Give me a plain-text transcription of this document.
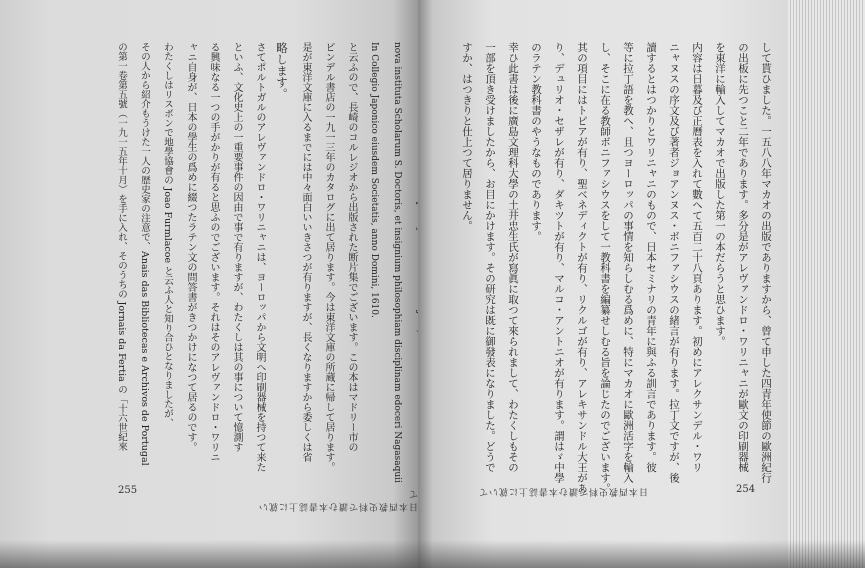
nova instituta Scholarum S. Doctoris, et insignium philosophiam disciplinam edoceri Nagasaquii
In Collegio Japonico eiusdem Societatis, anno Domini, 1610.
と云ふので、長崎のコルレジオから出版された断片集でございます。この本はマドリー市の
ピンデル書店の一九一三年のカタログに出て居ります。今は東洋文庫の所蔵に帰して居ります。
是が東洋文庫に入るまでには中々面白いいきさつが有りますが、長くなりますから委しくは省
略します。
さてポルトガルのアレヴァンドロ・ワリニャニは、ヨーロッパから文明へ印刷器械を持つて来た
といふ、文化史上の一重要事件の因由で事で有りますが、わたくしは其の事について憶測す
る興味なる一つの手がかりが有ると思ふのでございます。それはそのアレヴァンドロ・ワリニ
ャニ自身が、日本の學生の爲めに綴つたラテン文の問答書がきつかけになつて居るのです。
わたくしはリスボンで地學協會の Joao Furmlacoe と云ふ人と知り合ひとなりましたが、
その人から紹介もうけた一人の歴史家の注意で、Anais das Bibliotecas e Archivos de Portugal
の第一卷第五號（一九一五年十月）を手に入れ、そのうちの Jornais da Fertia の「十六世紀來
日本西教史料で讀む本書誌上に就いて
255
して貰ひました。一五八八年マカオの出版でありますから、曾て申した四青年使節の歐洲紀行
の出板に先つこと二年であります。多分是がアレヴァンドロ・ワリニャニが歐文の印刷器械
を東洋に輸入してマカオで出版した第一の本だらうと思ひます。
内容は日暮及び正曆表を入れて數へて五百二十八頁あります。初めにアレクサンデル・ワリ
ニャヌスの序文及び著者ジョアンヌス・ボニファシウスの緒言が有ります。拉丁文ですが、後
讀するとはつかりとワリニャニのもので、日本セミナリの青年に與ふる訓言であります。彼
等に拉丁語を教へ、且つヨーロッパの事情を知らしむる爲めに、特にマカオに歐洲活字を輸入
し、そこに在る教師ボニファシウスをして一教科書を編纂せしむる旨を論じたのでございます。
其の項目にはトピアが有り、聖ベネディクトが有り、リクルゴが有り、アレキサンドル大王があ
り、デュリオ・セザレが有り、ダキツトが有り、マルコ・アントニオが有ります。謂はゞ中學
のラテン教科書のやうなものであります。
幸ひ此書は後に廣島文理科大學の土井忠生氏が寫眞に取つて來られまして、わたくしもその
一部を頂き受けましたから、お目にかけます。その研究は既に御發表になりました。どうで
すか、はつきりと仕上つて居りません。
日本西教史料で讀む本書誌上に就いて	254
